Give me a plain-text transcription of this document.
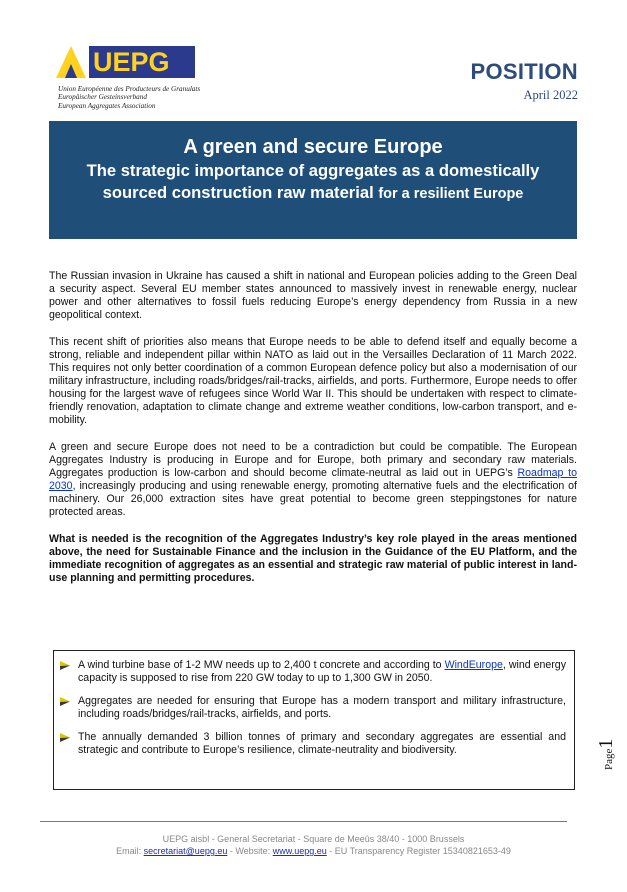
UEPG
Union Européenne des Producteurs de Granulats
Europäischer Gesteinsverband
European Aggregates Association
POSITION
April 2022
A green and secure Europe
The strategic importance of aggregates as a domestically
sourced construction raw material for a resilient Europe

The Russian invasion in Ukraine has caused a shift in national and European policies adding to the Green Deal a security aspect. Several EU member states announced to massively invest in renewable energy, nuclear power and other alternatives to fossil fuels reducing Europe’s energy dependency from Russia in a new geopolitical context.

This recent shift of priorities also means that Europe needs to be able to defend itself and equally become a strong, reliable and independent pillar within NATO as laid out in the Versailles Declaration of 11 March 2022. This requires not only better coordination of a common European defence policy but also a modernisation of our military infrastructure, including roads/bridges/rail-tracks, airfields, and ports. Furthermore, Europe needs to offer housing for the largest wave of refugees since World War II. This should be undertaken with respect to climate-friendly renovation, adaptation to climate change and extreme weather conditions, low-carbon transport, and e-mobility.

A green and secure Europe does not need to be a contradiction but could be compatible. The European Aggregates Industry is producing in Europe and for Europe, both primary and secondary raw materials. Aggregates production is low-carbon and should become climate-neutral as laid out in UEPG’s Roadmap to 2030, increasingly producing and using renewable energy, promoting alternative fuels and the electrification of machinery. Our 26,000 extraction sites have great potential to become green steppingstones for nature protected areas.

What is needed is the recognition of the Aggregates Industry’s key role played in the areas mentioned above, the need for Sustainable Finance and the inclusion in the Guidance of the EU Platform, and the immediate recognition of aggregates as an essential and strategic raw material of public interest in land-use planning and permitting procedures.

A wind turbine base of 1-2 MW needs up to 2,400 t concrete and according to WindEurope, wind energy capacity is supposed to rise from 220 GW today to up to 1,300 GW in 2050.
Aggregates are needed for ensuring that Europe has a modern transport and military infrastructure, including roads/bridges/rail-tracks, airfields, and ports.
The annually demanded 3 billion tonnes of primary and secondary aggregates are essential and strategic and contribute to Europe’s resilience, climate-neutrality and biodiversity.	Page1
UEPG aisbl - General Secretariat - Square de Meeûs 38/40 - 1000 Brussels
Email: secretariat@uepg.eu - Website: www.uepg.eu - EU Transparency Register 15340821653-49
